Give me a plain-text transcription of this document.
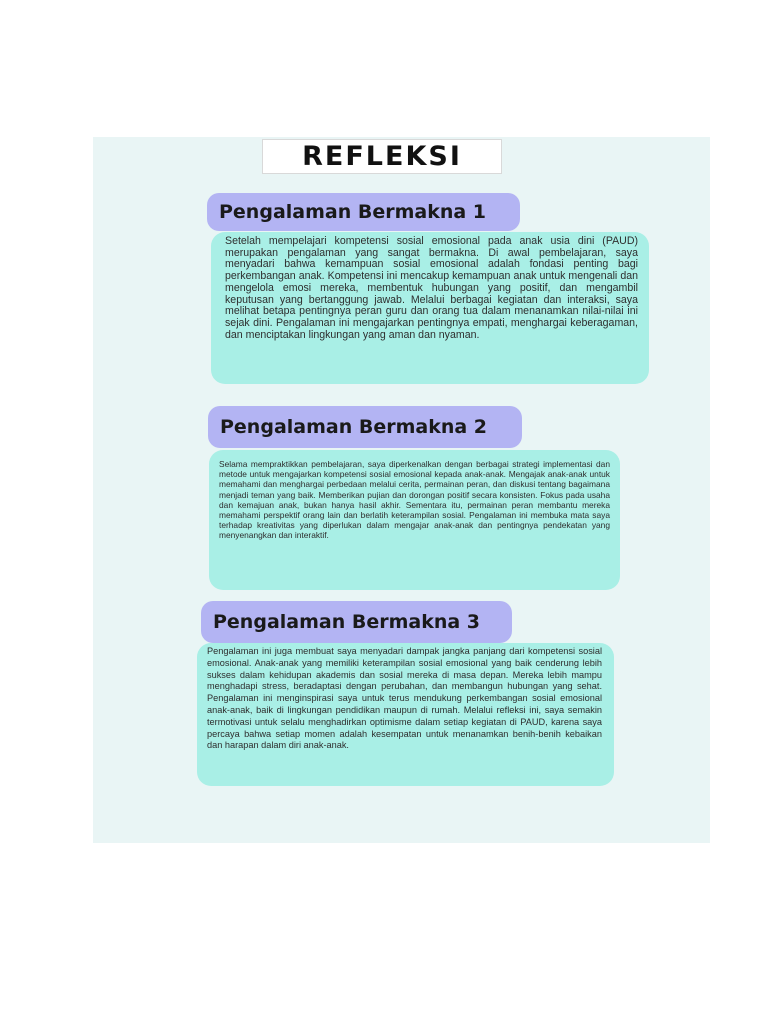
REFLEKSI
Pengalaman Bermakna 1

Setelah mempelajari kompetensi sosial emosional pada anak usia dini (PAUD) merupakan pengalaman yang sangat bermakna. Di awal pembelajaran, saya menyadari bahwa kemampuan sosial emosional adalah fondasi penting bagi perkembangan anak. Kompetensi ini mencakup kemampuan anak untuk mengenali dan mengelola emosi mereka, membentuk hubungan yang positif, dan mengambil keputusan yang bertanggung jawab. Melalui berbagai kegiatan dan interaksi, saya melihat betapa pentingnya peran guru dan orang tua dalam menanamkan nilai-nilai ini sejak dini. Pengalaman ini mengajarkan pentingnya empati, menghargai keberagaman, dan menciptakan lingkungan yang aman dan nyaman.

Pengalaman Bermakna 2

Selama mempraktikkan pembelajaran, saya diperkenalkan dengan berbagai strategi implementasi dan metode untuk mengajarkan kompetensi sosial emosional kepada anak-anak. Mengajak anak-anak untuk memahami dan menghargai perbedaan melalui cerita, permainan peran, dan diskusi tentang bagaimana menjadi teman yang baik. Memberikan pujian dan dorongan positif secara konsisten. Fokus pada usaha dan kemajuan anak, bukan hanya hasil akhir. Sementara itu, permainan peran membantu mereka memahami perspektif orang lain dan berlatih keterampilan sosial. Pengalaman ini membuka mata saya terhadap kreativitas yang diperlukan dalam mengajar anak-anak dan pentingnya pendekatan yang menyenangkan dan interaktif.

Pengalaman Bermakna 3

Pengalaman ini juga membuat saya menyadari dampak jangka panjang dari kompetensi sosial emosional. Anak-anak yang memiliki keterampilan sosial emosional yang baik cenderung lebih sukses dalam kehidupan akademis dan sosial mereka di masa depan. Mereka lebih mampu menghadapi stress, beradaptasi dengan perubahan, dan membangun hubungan yang sehat. Pengalaman ini menginspirasi saya untuk terus mendukung perkembangan sosial emosional anak-anak, baik di lingkungan pendidikan maupun di rumah. Melalui refleksi ini, saya semakin termotivasi untuk selalu menghadirkan optimisme dalam setiap kegiatan di PAUD, karena saya percaya bahwa setiap momen adalah kesempatan untuk menanamkan benih-benih kebaikan dan harapan dalam diri anak-anak.
